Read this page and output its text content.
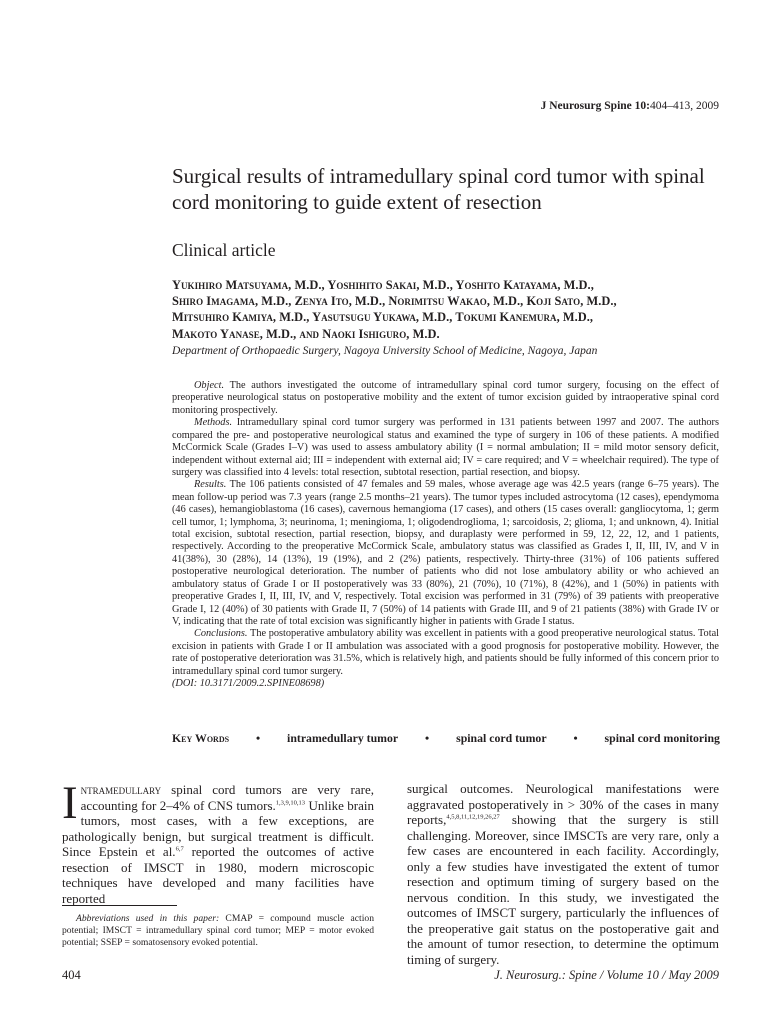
J Neurosurg Spine 10:404–413, 2009
Surgical results of intramedullary spinal cord tumor with spinal cord monitoring to guide extent of resection
Clinical article
Yukihiro Matsuyama, M.D., Yoshihito Sakai, M.D., Yoshito Katayama, M.D.,
Shiro Imagama, M.D., Zenya Ito, M.D., Norimitsu Wakao, M.D., Koji Sato, M.D.,
Mitsuhiro Kamiya, M.D., Yasutsugu Yukawa, M.D., Tokumi Kanemura, M.D.,
Makoto Yanase, M.D., and Naoki Ishiguro, M.D.
Department of Orthopaedic Surgery, Nagoya University School of Medicine, Nagoya, Japan

Object. The authors investigated the outcome of intramedullary spinal cord tumor surgery, focusing on the effect of preoperative neurological status on postoperative mobility and the extent of tumor excision guided by intraoperative spinal cord monitoring prospectively.

Methods. Intramedullary spinal cord tumor surgery was performed in 131 patients between 1997 and 2007. The authors compared the pre- and postoperative neurological status and examined the type of surgery in 106 of these patients. A modified McCormick Scale (Grades I–V) was used to assess ambulatory ability (I = normal ambulation; II = mild motor sensory deficit, independent without external aid; III = independent with external aid; IV = care required; and V = wheelchair required). The type of surgery was classified into 4 levels: total resection, subtotal resection, partial resection, and biopsy.

Results. The 106 patients consisted of 47 females and 59 males, whose average age was 42.5 years (range 6–75 years). The mean follow-up period was 7.3 years (range 2.5 months–21 years). The tumor types included astrocytoma (12 cases), ependymoma (46 cases), hemangioblastoma (16 cases), cavernous hemangioma (17 cases), and others (15 cases overall: gangliocytoma, 1; germ cell tumor, 1; lymphoma, 3; neurinoma, 1; meningioma, 1; oligodendroglioma, 1; sarcoidosis, 2; glioma, 1; and unknown, 4). Initial total excision, subtotal resection, partial resection, biopsy, and duraplasty were performed in 59, 12, 22, 12, and 1 patients, respectively. According to the preoperative McCormick Scale, ambulatory status was classified as Grades I, II, III, IV, and V in 41(38%), 30 (28%), 14 (13%), 19 (19%), and 2 (2%) patients, respectively. Thirty-three (31%) of 106 patients suffered postoperative neurological deterioration. The number of patients who did not lose ambulatory ability or who achieved an ambulatory status of Grade I or II postoperatively was 33 (80%), 21 (70%), 10 (71%), 8 (42%), and 1 (50%) in patients with preoperative Grades I, II, III, IV, and V, respectively. Total excision was performed in 31 (79%) of 39 patients with preoperative Grade I, 12 (40%) of 30 patients with Grade II, 7 (50%) of 14 patients with Grade III, and 9 of 21 patients (38%) with Grade IV or V, indicating that the rate of total excision was significantly higher in patients with Grade I status.

Conclusions. The postoperative ambulatory ability was excellent in patients with a good preoperative neurological status. Total excision in patients with Grade I or II ambulation was associated with a good prognosis for postoperative mobility. However, the rate of postoperative deterioration was 31.5%, which is relatively high, and patients should be fully informed of this concern prior to intramedullary spinal cord tumor surgery.

(DOI: 10.3171/2009.2.SPINE08698)

Key Words • intramedullary tumor • spinal cord tumor • spinal cord monitoring
Intramedullary spinal cord tumors are very rare, accounting for 2–4% of CNS tumors.$^{1,3,9,10,13}$ Unlike brain tumors, most cases, with a few exceptions, are pathologically benign, but surgical treatment is difficult. Since Epstein et al.$^{6,7}$ reported the outcomes of active resection of IMSCT in 1980, modern microscopic techniques have developed and many facilities have reported
surgical outcomes. Neurological manifestations were aggravated postoperatively in > 30% of the cases in many reports,$^{4,5,8,11,12,19,26,27}$ showing that the surgery is still challenging. Moreover, since IMSCTs are very rare, only a few cases are encountered in each facility. Accordingly, only a few studies have investigated the extent of tumor resection and optimum timing of surgery based on the nervous condition. In this study, we investigated the outcomes of IMSCT surgery, particularly the influences of the preoperative gait status on the postoperative gait and the amount of tumor resection, to determine the optimum timing of surgery.
Abbreviations used in this paper: CMAP = compound muscle action potential; IMSCT = intramedullary spinal cord tumor; MEP = motor evoked potential; SSEP = somatosensory evoked potential.
404	J. Neurosurg.: Spine / Volume 10 / May 2009
